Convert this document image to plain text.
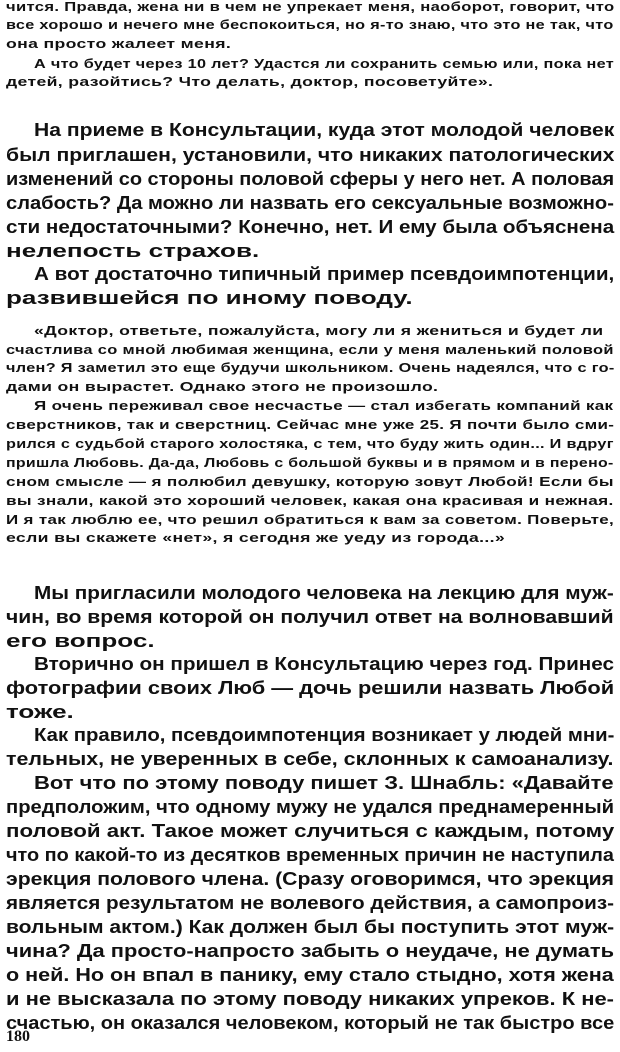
чится. Правда, жена ни в чем не упрекает меня, наоборот, говорит, что
все хорошо и нечего мне беспокоиться, но я-то знаю, что это не так, что
она просто жалеет меня.
А что будет через 10 лет? Удастся ли сохранить семью или, пока нет
детей, разойтись? Что делать, доктор, посоветуйте».
На приеме в Консультации, куда этот молодой человек
был приглашен, установили, что никаких патологических
изменений со стороны половой сферы у него нет. А половая
слабость? Да можно ли назвать его сексуальные возможно-
сти недостаточными? Конечно, нет. И ему была объяснена
нелепость страхов.
А вот достаточно типичный пример псевдоимпотенции,
развившейся по иному поводу.
«Доктор, ответьте, пожалуйста, могу ли я жениться и будет ли
счастлива со мной любимая женщина, если у меня маленький половой
член? Я заметил это еще будучи школьником. Очень надеялся, что с го-
дами он вырастет. Однако этого не произошло.
Я очень переживал свое несчастье — стал избегать компаний как
сверстников, так и сверстниц. Сейчас мне уже 25. Я почти было сми-
рился с судьбой старого холостяка, с тем, что буду жить один... И вдруг
пришла Любовь. Да-да, Любовь с большой буквы и в прямом и в перено-
сном смысле — я полюбил девушку, которую зовут Любой! Если бы
вы знали, какой это хороший человек, какая она красивая и нежная.
И я так люблю ее, что решил обратиться к вам за советом. Поверьте,
если вы скажете «нет», я сегодня же уеду из города...»
Мы пригласили молодого человека на лекцию для муж-
чин, во время которой он получил ответ на волновавший
его вопрос.
Вторично он пришел в Консультацию через год. Принес
фотографии своих Люб — дочь решили назвать Любой
тоже.
Как правило, псевдоимпотенция возникает у людей мни-
тельных, не уверенных в себе, склонных к самоанализу.
Вот что по этому поводу пишет З. Шнабль: «Давайте
предположим, что одному мужу не удался преднамеренный
половой акт. Такое может случиться с каждым, потому
что по какой-то из десятков временных причин не наступила
эрекция полового члена. (Сразу оговоримся, что эрекция
является результатом не волевого действия, а самопроиз-
вольным актом.) Как должен был бы поступить этот муж-
чина? Да просто-напросто забыть о неудаче, не думать
о ней. Но он впал в панику, ему стало стыдно, хотя жена
и не высказала по этому поводу никаких упреков. К не-
счастью, он оказался человеком, который не так быстро все
180
